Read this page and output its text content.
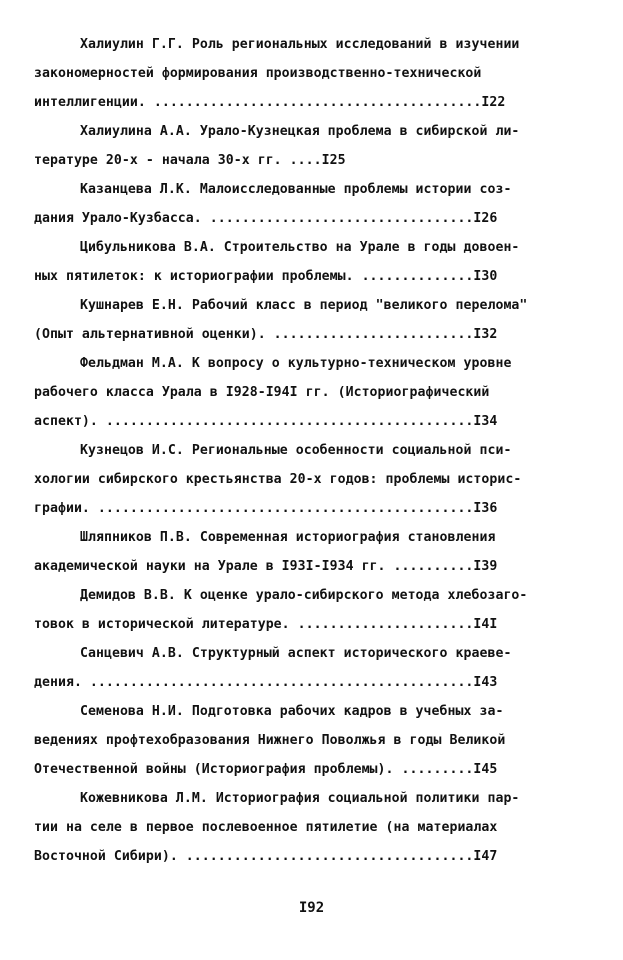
Халиулин Г.Г. Роль региональных исследований в изучении
закономерностей формирования производственно-технической
интеллигенции. .........................................I22
Халиулина А.А. Урало-Кузнецкая проблема в сибирской ли-
тературе 20-х - начала 30-х гг. ....I25
Казанцева Л.К. Малоисследованные проблемы истории соз-
дания Урало-Кузбасса. .................................I26
Цибульникова В.А. Строительство на Урале в годы довоен-
ных пятилеток: к историографии проблемы. ..............I30
Кушнарев Е.Н. Рабочий класс в период "великого перелома"
(Опыт альтернативной оценки). .........................I32
Фельдман М.А. К вопросу о культурно-техническом уровне
рабочего класса Урала в I928-I94I гг. (Историографический
аспект). ..............................................I34
Кузнецов И.С. Региональные особенности социальной пси-
хологии сибирского крестьянства 20-х годов: проблемы историс-
графии. ...............................................I36
Шляпников П.В. Современная историография становления
академической науки на Урале в I93I-I934 гг. ..........I39
Демидов В.В. К оценке урало-сибирского метода хлебозаго-
товок в исторической литературе. ......................I4I
Санцевич А.В. Структурный аспект исторического краеве-
дения. ................................................I43
Семенова Н.И. Подготовка рабочих кадров в учебных за-
ведениях профтехобразования Нижнего Поволжья в годы Великой
Отечественной войны (Историография проблемы). .........I45
Кожевникова Л.М. Историография социальной политики пар-
тии на селе в первое послевоенное пятилетие (на материалах
Восточной Сибири). ....................................I47
I92
